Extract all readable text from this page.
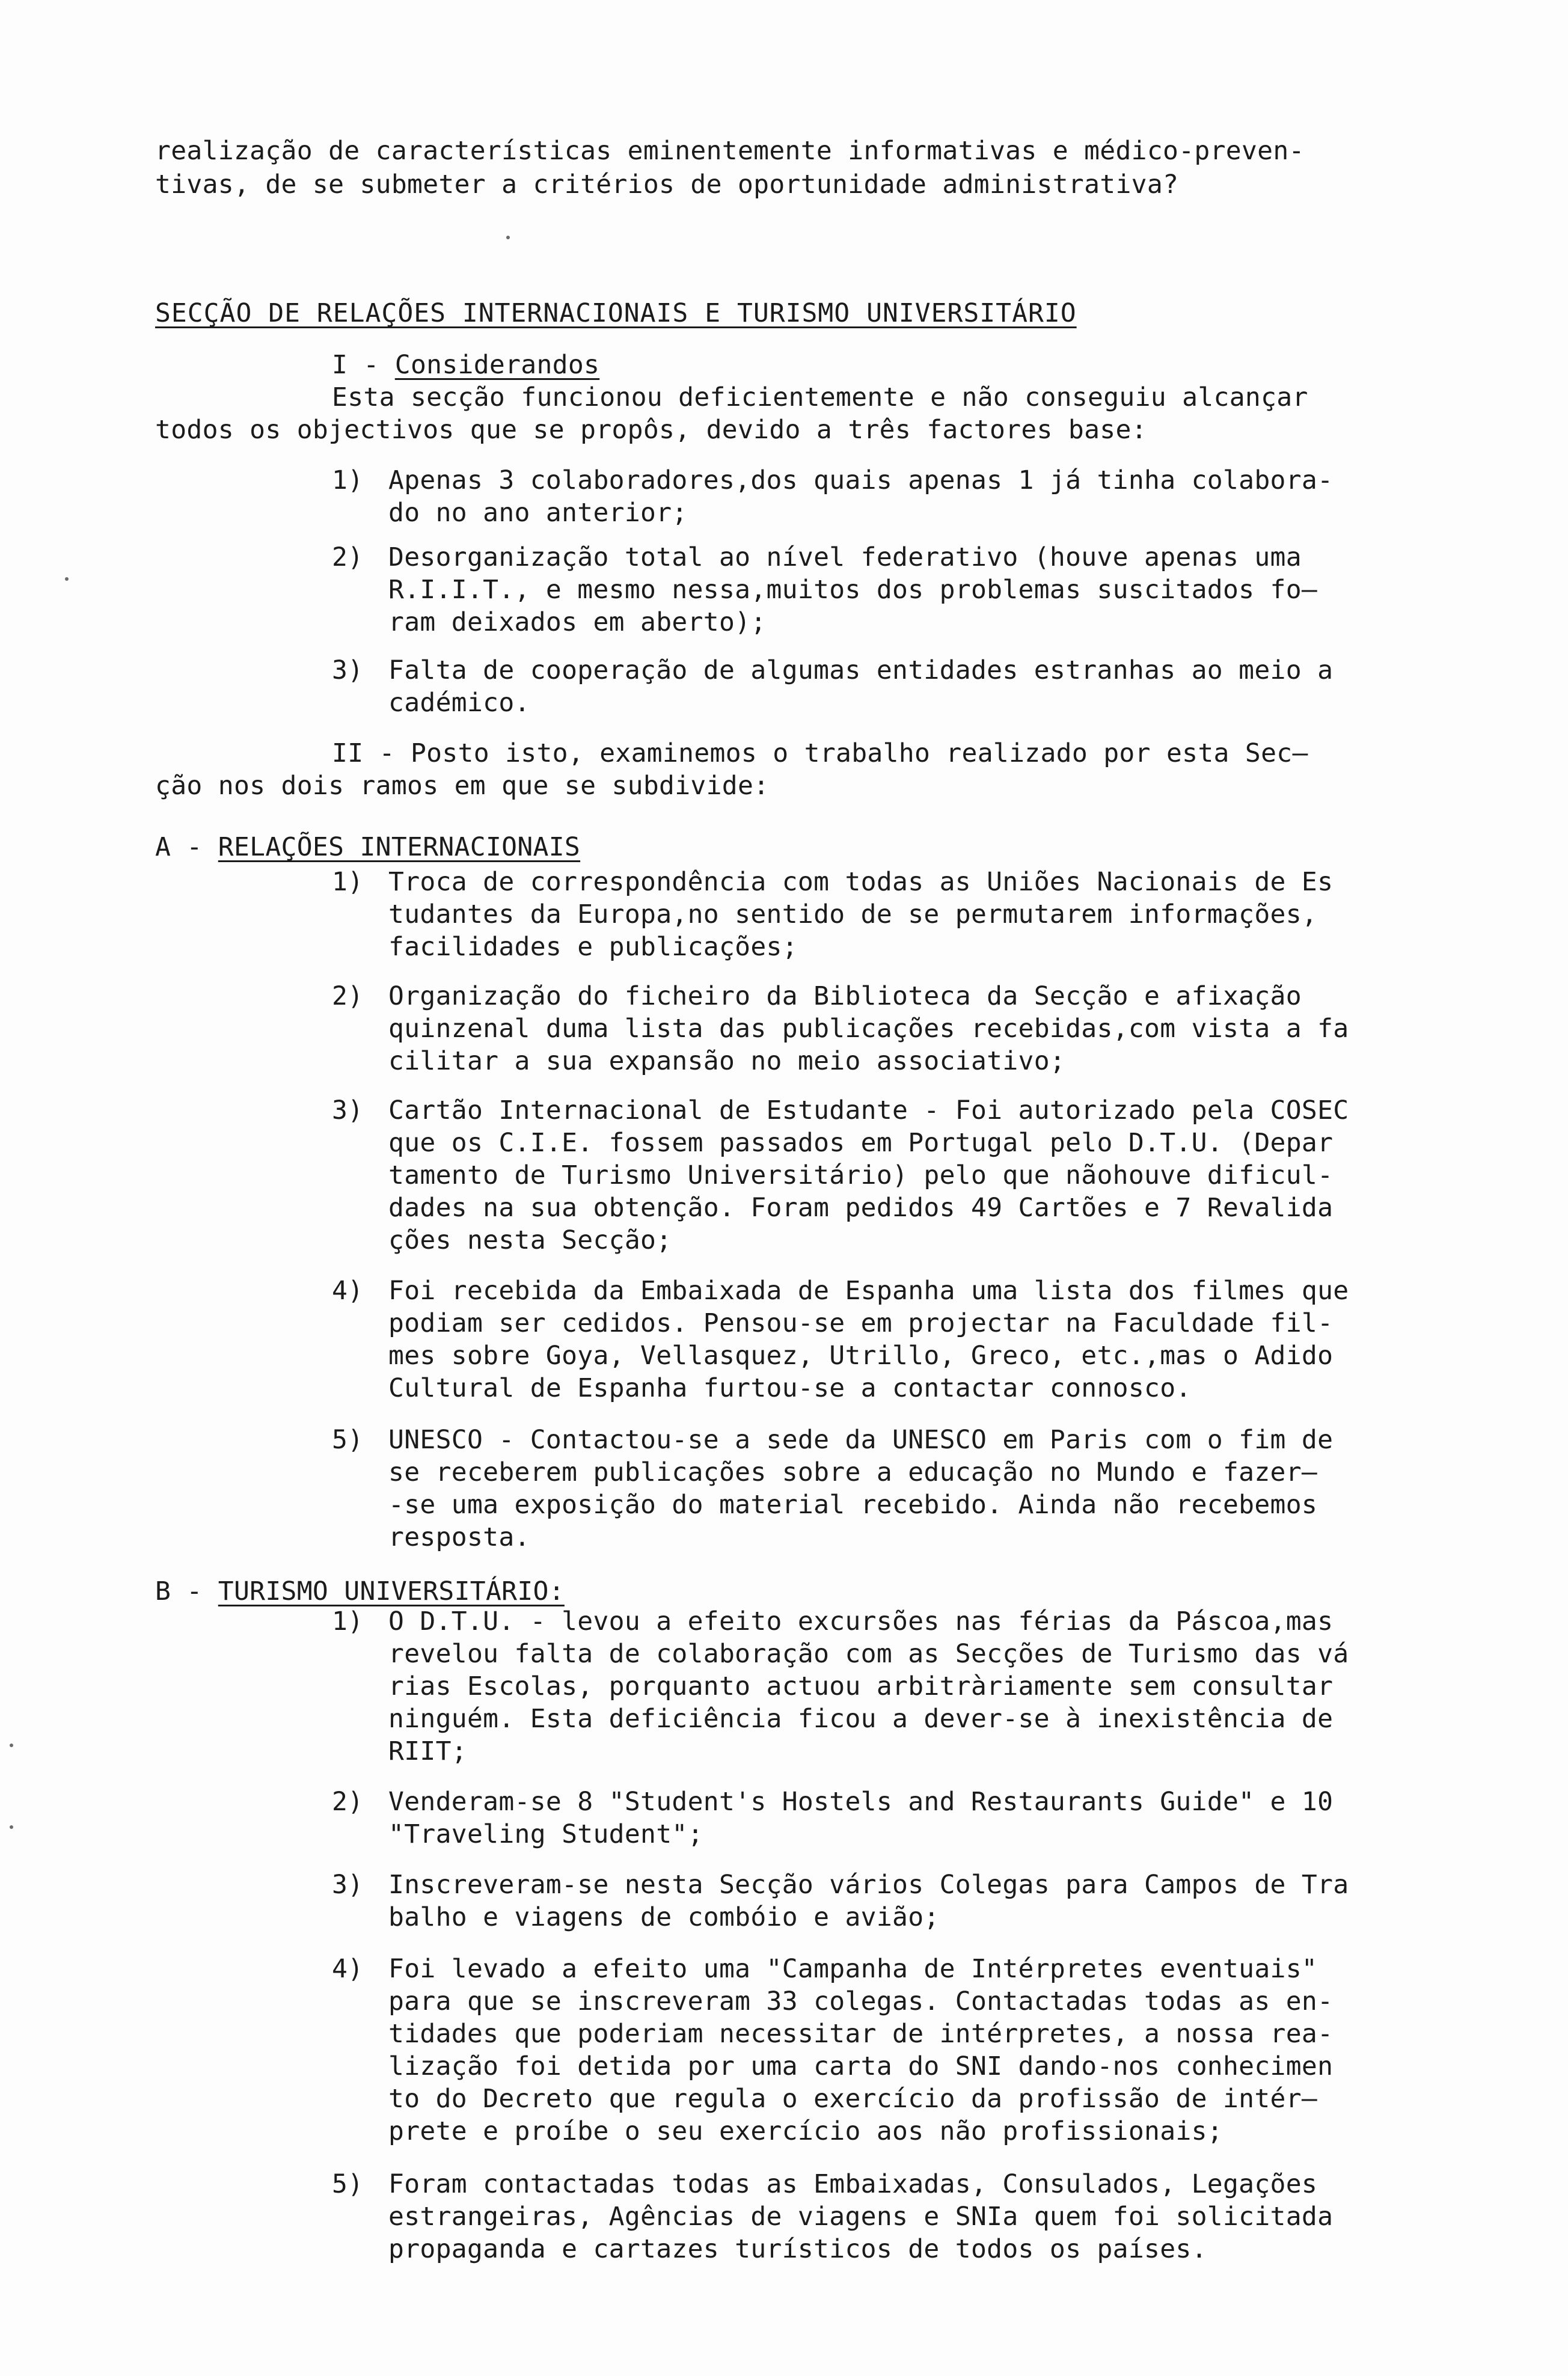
realização de características eminentemente informativas e médico-preven-
tivas, de se submeter a critérios de oportunidade administrativa?
SECÇÃO DE RELAÇÕES INTERNACIONAIS E TURISMO UNIVERSITÁRIO
I - Considerandos
Esta secção funcionou deficientemente e não conseguiu alcançar
todos os objectivos que se propôs, devido a três factores base:
1) Apenas 3 colaboradores,dos quais apenas 1 já tinha colabora-
do no ano anterior;
2) Desorganização total ao nível federativo (houve apenas uma
R.I.I.T., e mesmo nessa,muitos dos problemas suscitados fo—
ram deixados em aberto);
3) Falta de cooperação de algumas entidades estranhas ao meio a
cadémico.
II - Posto isto, examinemos o trabalho realizado por esta Sec—
ção nos dois ramos em que se subdivide:
A - RELAÇÕES INTERNACIONAIS
1) Troca de correspondência com todas as Uniões Nacionais de Es
tudantes da Europa,no sentido de se permutarem informações,
facilidades e publicações;
2) Organização do ficheiro da Biblioteca da Secção e afixação
quinzenal duma lista das publicações recebidas,com vista a fa
cilitar a sua expansão no meio associativo;
3) Cartão Internacional de Estudante - Foi autorizado pela COSEC
que os C.I.E. fossem passados em Portugal pelo D.T.U. (Depar
tamento de Turismo Universitário) pelo que nãohouve dificul-
dades na sua obtenção. Foram pedidos 49 Cartões e 7 Revalida
ções nesta Secção;
4) Foi recebida da Embaixada de Espanha uma lista dos filmes que
podiam ser cedidos. Pensou-se em projectar na Faculdade fil-
mes sobre Goya, Vellasquez, Utrillo, Greco, etc.,mas o Adido
Cultural de Espanha furtou-se a contactar connosco.
5) UNESCO - Contactou-se a sede da UNESCO em Paris com o fim de
se receberem publicações sobre a educação no Mundo e fazer—
-se uma exposição do material recebido. Ainda não recebemos
resposta.
B - TURISMO UNIVERSITÁRIO:
1) O D.T.U. - levou a efeito excursões nas férias da Páscoa,mas
revelou falta de colaboração com as Secções de Turismo das vá
rias Escolas, porquanto actuou arbitràriamente sem consultar
ninguém. Esta deficiência ficou a dever-se à inexistência de
RIIT;
2) Venderam-se 8 "Student's Hostels and Restaurants Guide" e 10
"Traveling Student";
3) Inscreveram-se nesta Secção vários Colegas para Campos de Tra
balho e viagens de combóio e avião;
4) Foi levado a efeito uma "Campanha de Intérpretes eventuais"
para que se inscreveram 33 colegas. Contactadas todas as en-
tidades que poderiam necessitar de intérpretes, a nossa rea-
lização foi detida por uma carta do SNI dando-nos conhecimen
to do Decreto que regula o exercício da profissão de intér—
prete e proíbe o seu exercício aos não profissionais;
5) Foram contactadas todas as Embaixadas, Consulados, Legações
estrangeiras, Agências de viagens e SNIa quem foi solicitada
propaganda e cartazes turísticos de todos os países.
